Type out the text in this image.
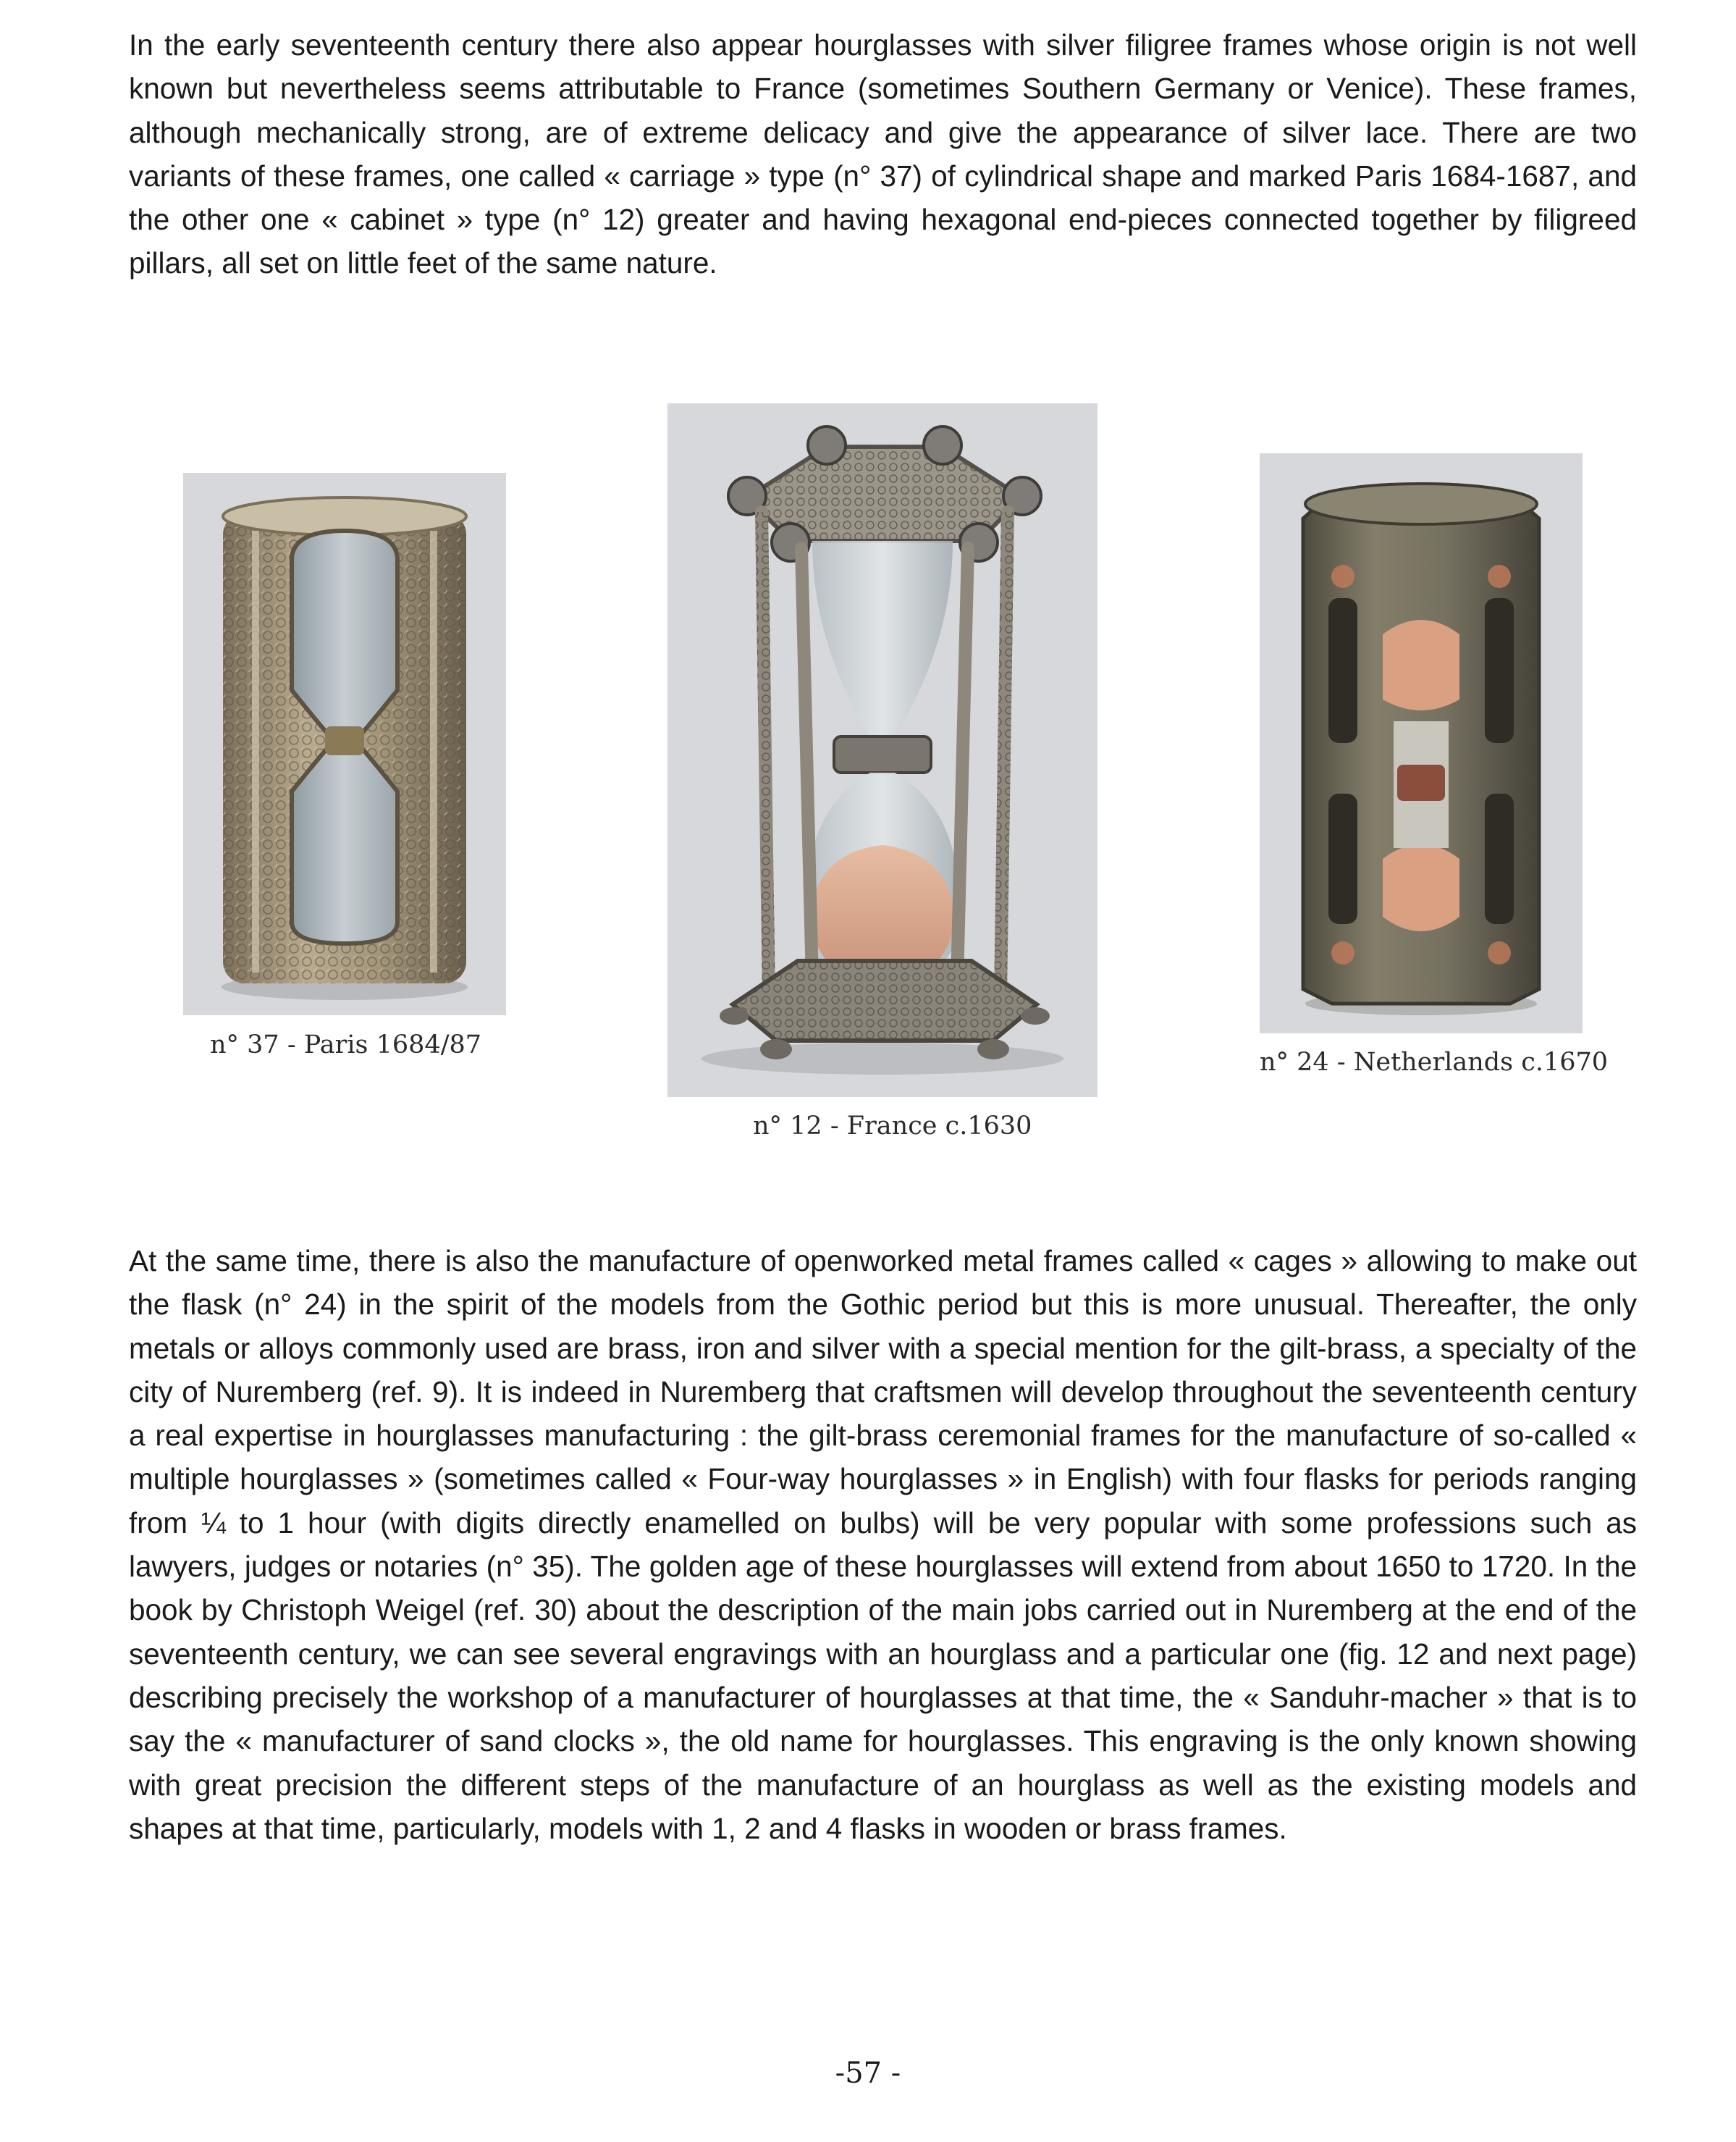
In the early seventeenth century there also appear hourglasses with silver filigree frames whose origin is not well known but nevertheless seems attributable to France (sometimes Southern Germany or Venice). These frames, although mechanically strong, are of extreme delicacy and give the appearance of silver lace. There are two variants of these frames, one called « carriage » type (n° 37) of cylindrical shape and marked Paris 1684-1687, and the other one « cabinet » type (n° 12) greater and having hexagonal end-pieces connected together by filigreed pillars, all set on little feet of the same nature.

n° 37 - Paris 1684/87
n° 12 - France c.1630
n° 24 - Netherlands c.1670

At the same time, there is also the manufacture of openworked metal frames called « cages » allowing to make out the flask (n° 24) in the spirit of the models from the Gothic period but this is more unusual. Thereafter, the only metals or alloys commonly used are brass, iron and silver with a special mention for the gilt-brass, a specialty of the city of Nuremberg (ref. 9). It is indeed in Nuremberg that craftsmen will develop throughout the seventeenth century a real expertise in hourglasses manufacturing : the gilt-brass ceremonial frames for the manufacture of so-called « multiple hourglasses » (sometimes called « Four-way hourglasses » in English) with four flasks for periods ranging from ¼ to 1 hour (with digits directly enamelled on bulbs) will be very popular with some professions such as lawyers, judges or notaries (n° 35). The golden age of these hourglasses will extend from about 1650 to 1720. In the book by Christoph Weigel (ref. 30) about the description of the main jobs carried out in Nuremberg at the end of the seventeenth century, we can see several engravings with an hourglass and a particular one (fig. 12 and next page) describing precisely the workshop of a manufacturer of hourglasses at that time, the « Sanduhr-macher » that is to say the « manufacturer of sand clocks », the old name for hourglasses. This engraving is the only known showing with great precision the different steps of the manufacture of an hourglass as well as the existing models and shapes at that time, particularly, models with 1, 2 and 4 flasks in wooden or brass frames.

-57 -
